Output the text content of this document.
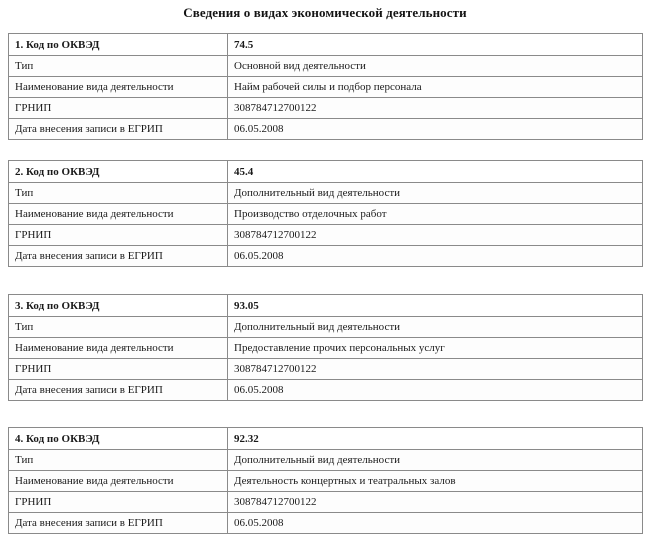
Сведения о видах экономической деятельности
1. Код по ОКВЭД	74.5
Тип	Основной вид деятельности
Наименование вида деятельности	Найм рабочей силы и подбор персонала
ГРНИП	308784712700122
Дата внесения записи в ЕГРИП	06.05.2008
2. Код по ОКВЭД	45.4
Тип	Дополнительный вид деятельности
Наименование вида деятельности	Производство отделочных работ
ГРНИП	308784712700122
Дата внесения записи в ЕГРИП	06.05.2008
3. Код по ОКВЭД	93.05
Тип	Дополнительный вид деятельности
Наименование вида деятельности	Предоставление прочих персональных услуг
ГРНИП	308784712700122
Дата внесения записи в ЕГРИП	06.05.2008
4. Код по ОКВЭД	92.32
Тип	Дополнительный вид деятельности
Наименование вида деятельности	Деятельность концертных и театральных залов
ГРНИП	308784712700122
Дата внесения записи в ЕГРИП	06.05.2008
